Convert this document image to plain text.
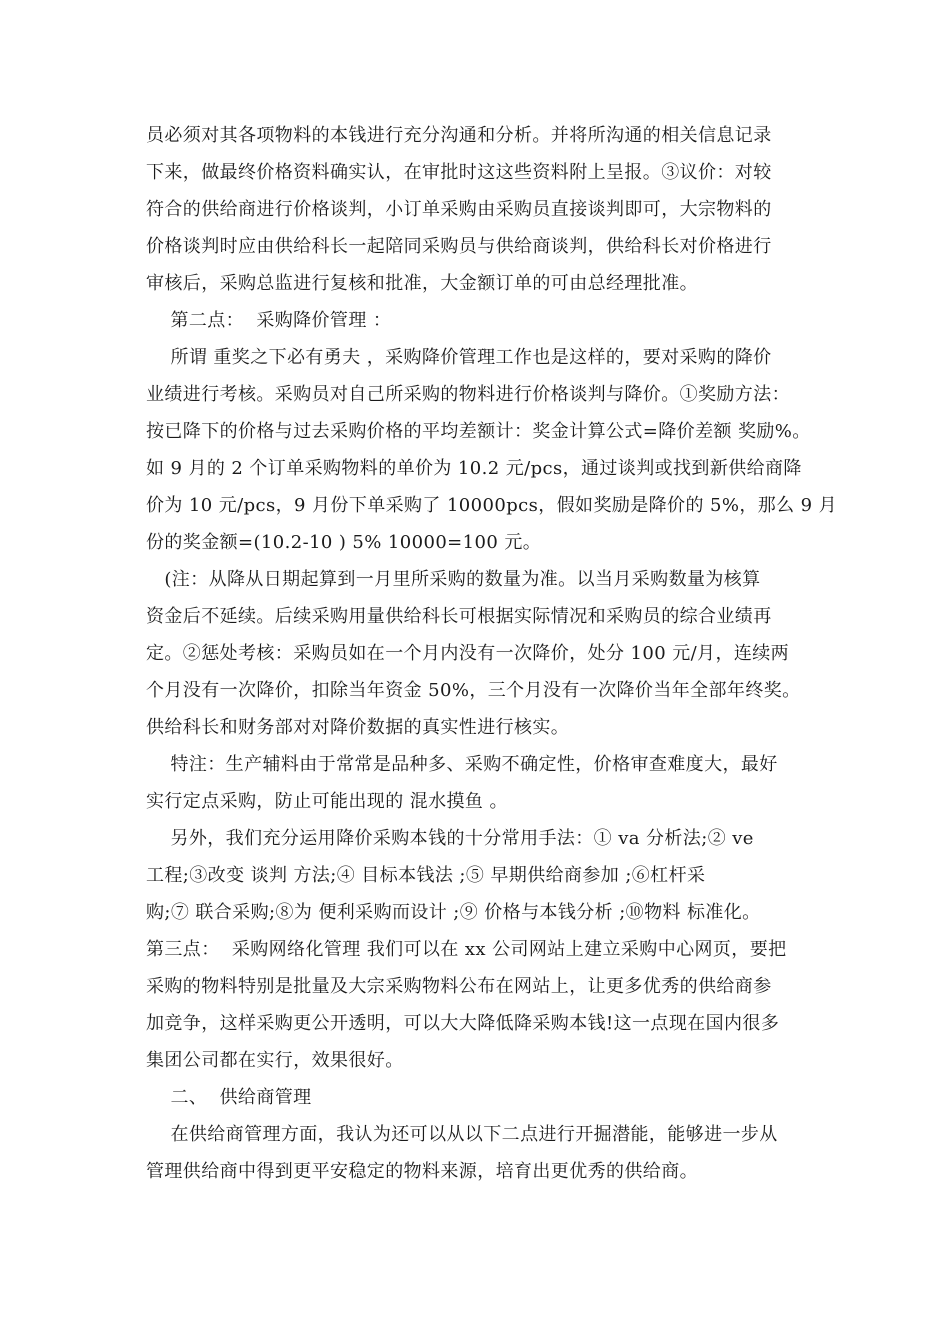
员必须对其各项物料的本钱进行充分沟通和分析。并将所沟通的相关信息记录
下来，做最终价格资料确实认，在审批时这这些资料附上呈报。③议价：对较
符合的供给商进行价格谈判，小订单采购由采购员直接谈判即可，大宗物料的
价格谈判时应由供给科长一起陪同采购员与供给商谈判，供给科长对价格进行
审核后，采购总监进行复核和批准，大金额订单的可由总经理批准。
第二点：  采购降价管理 ：
所谓 重奖之下必有勇夫 ，采购降价管理工作也是这样的，要对采购的降价
业绩进行考核。采购员对自己所采购的物料进行价格谈判与降价。①奖励方法：
按已降下的价格与过去采购价格的平均差额计：奖金计算公式=降价差额 奖励%。
如 9 月的 2 个订单采购物料的单价为 10.2 元/pcs，通过谈判或找到新供给商降
价为 10 元/pcs，9 月份下单采购了 10000pcs，假如奖励是降价的 5%，那么 9 月
份的奖金额=(10.2-10 ) 5% 10000=100 元。
(注：从降从日期起算到一月里所采购的数量为准。以当月采购数量为核算
资金后不延续。后续采购用量供给科长可根据实际情况和采购员的综合业绩再
定。②惩处考核：采购员如在一个月内没有一次降价，处分 100 元/月，连续两
个月没有一次降价，扣除当年资金 50%，三个月没有一次降价当年全部年终奖。
供给科长和财务部对对降价数据的真实性进行核实。
特注：生产辅料由于常常是品种多、采购不确定性，价格审查难度大，最好
实行定点采购，防止可能出现的 混水摸鱼 。
另外，我们充分运用降价采购本钱的十分常用手法：① va 分析法;② ve
工程;③改变 谈判 方法;④ 目标本钱法 ;⑤ 早期供给商参加 ;⑥杠杆采
购;⑦ 联合采购;⑧为 便利采购而设计 ;⑨ 价格与本钱分析 ;⑩物料 标准化。
第三点：  采购网络化管理 我们可以在 xx 公司网站上建立采购中心网页，要把
采购的物料特别是批量及大宗采购物料公布在网站上，让更多优秀的供给商参
加竞争，这样采购更公开透明，可以大大降低降采购本钱!这一点现在国内很多
集团公司都在实行，效果很好。
二、  供给商管理
在供给商管理方面，我认为还可以从以下二点进行开掘潜能，能够进一步从
管理供给商中得到更平安稳定的物料来源，培育出更优秀的供给商。
